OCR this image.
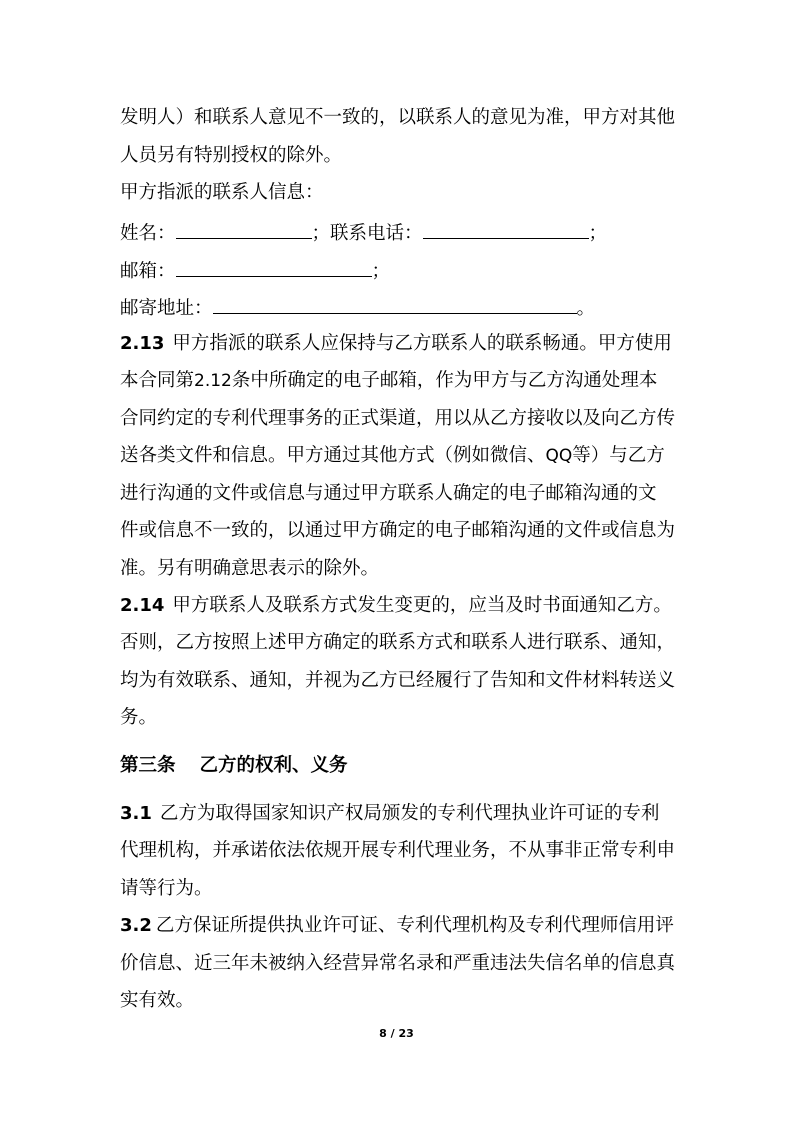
发明人）和联系人意见不一致的，以联系人的意见为准，甲方对其他
人员另有特别授权的除外。
甲方指派的联系人信息：
姓名：	；联系电话：	；
邮箱：	；
邮寄地址：	。
2.13 甲方指派的联系人应保持与乙方联系人的联系畅通。甲方使用
本合同第2.12条中所确定的电子邮箱，作为甲方与乙方沟通处理本
合同约定的专利代理事务的正式渠道，用以从乙方接收以及向乙方传
送各类文件和信息。甲方通过其他方式（例如微信、QQ等）与乙方
进行沟通的文件或信息与通过甲方联系人确定的电子邮箱沟通的文
件或信息不一致的，以通过甲方确定的电子邮箱沟通的文件或信息为
准。另有明确意思表示的除外。
2.14 甲方联系人及联系方式发生变更的，应当及时书面通知乙方。
否则，乙方按照上述甲方确定的联系方式和联系人进行联系、通知，
均为有效联系、通知，并视为乙方已经履行了告知和文件材料转送义
务。
第三条 乙方的权利、义务
3.1 乙方为取得国家知识产权局颁发的专利代理执业许可证的专利
代理机构，并承诺依法依规开展专利代理业务，不从事非正常专利申
请等行为。
3.2 乙方保证所提供执业许可证、专利代理机构及专利代理师信用评
价信息、近三年未被纳入经营异常名录和严重违法失信名单的信息真
实有效。
8 / 23
